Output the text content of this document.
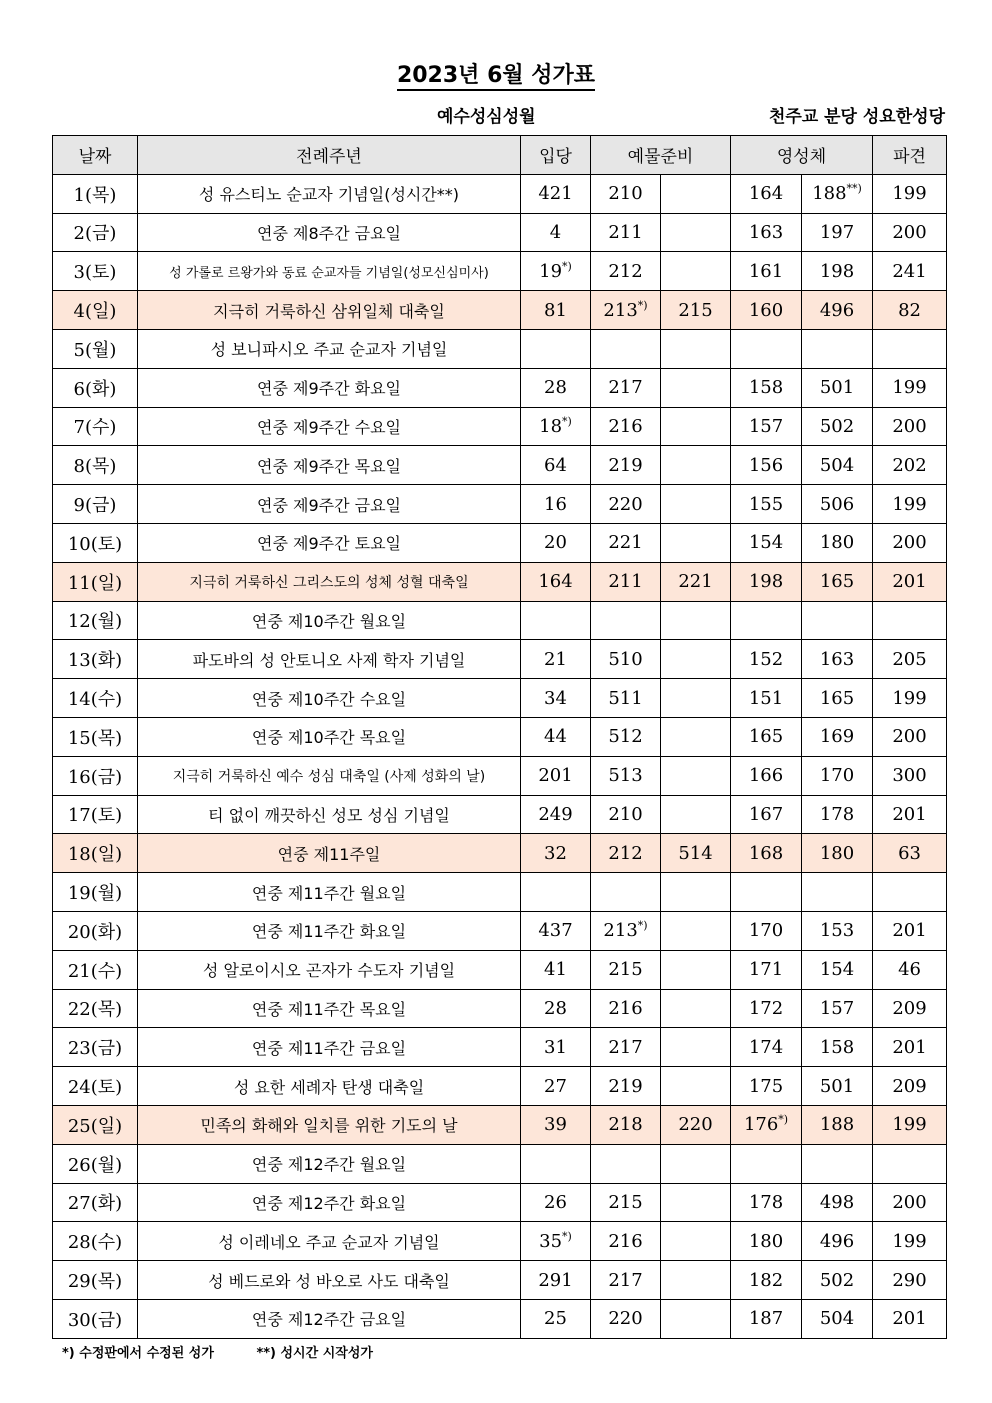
2023년 6월 성가표
예수성심성월	천주교 분당 성요한성당
날짜	전례주년	입당	예물준비		영성체		파견
1(목)	성 유스티노 순교자 기념일(성시간**)	421	210		164	188**)	199
2(금)	연중 제8주간 금요일	4	211		163	197	200
3(토)	성 가롤로 르왕가와 동료 순교자들 기념일(성모신심미사)	19*)	212		161	198	241
4(일)	지극히 거룩하신 삼위일체 대축일	81	213*)	215	160	496	82
5(월)	성 보니파시오 주교 순교자 기념일						
6(화)	연중 제9주간 화요일	28	217		158	501	199
7(수)	연중 제9주간 수요일	18*)	216		157	502	200
8(목)	연중 제9주간 목요일	64	219		156	504	202
9(금)	연중 제9주간 금요일	16	220		155	506	199
10(토)	연중 제9주간 토요일	20	221		154	180	200
11(일)	지극히 거룩하신 그리스도의 성체 성혈 대축일	164	211	221	198	165	201
12(월)	연중 제10주간 월요일						
13(화)	파도바의 성 안토니오 사제 학자 기념일	21	510		152	163	205
14(수)	연중 제10주간 수요일	34	511		151	165	199
15(목)	연중 제10주간 목요일	44	512		165	169	200
16(금)	지극히 거룩하신 예수 성심 대축일 (사제 성화의 날)	201	513		166	170	300
17(토)	티 없이 깨끗하신 성모 성심 기념일	249	210		167	178	201
18(일)	연중 제11주일	32	212	514	168	180	63
19(월)	연중 제11주간 월요일						
20(화)	연중 제11주간 화요일	437	213*)		170	153	201
21(수)	성 알로이시오 곤자가 수도자 기념일	41	215		171	154	46
22(목)	연중 제11주간 목요일	28	216		172	157	209
23(금)	연중 제11주간 금요일	31	217		174	158	201
24(토)	성 요한 세례자 탄생 대축일	27	219		175	501	209
25(일)	민족의 화해와 일치를 위한 기도의 날	39	218	220	176*)	188	199
26(월)	연중 제12주간 월요일						
27(화)	연중 제12주간 화요일	26	215		178	498	200
28(수)	성 이레네오 주교 순교자 기념일	35*)	216		180	496	199
29(목)	성 베드로와 성 바오로 사도 대축일	291	217		182	502	290
30(금)	연중 제12주간 금요일	25	220		187	504	201
*) 수정판에서 수정된 성가	**) 성시간 시작성가
